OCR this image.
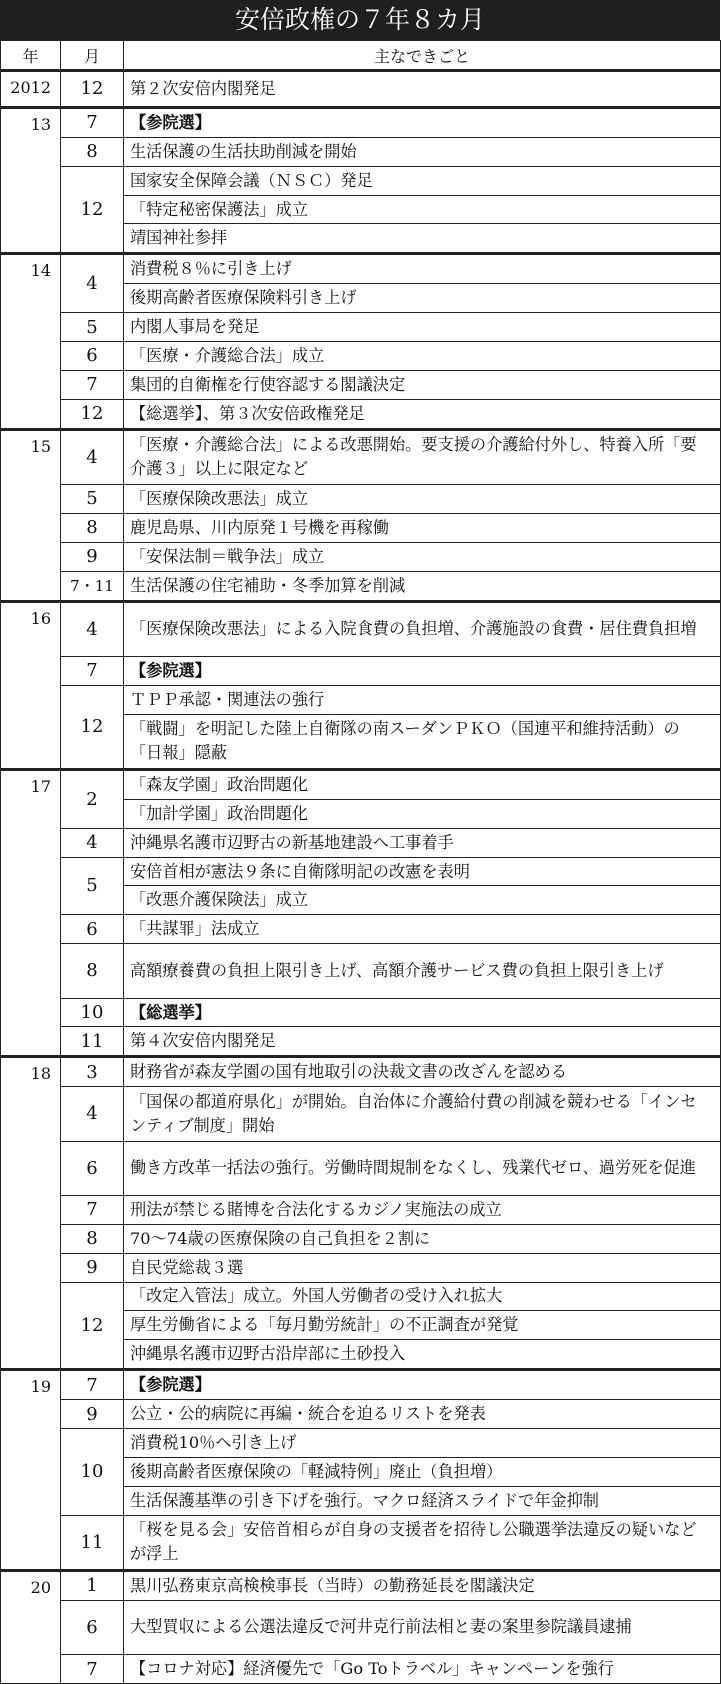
安倍政権の７年８カ月
年	月	主なできごと
2012	12	第２次安倍内閣発足
13	7	【参院選】
	8	生活保護の生活扶助削減を開始
	12	国家安全保障会議（ＮＳＣ）発足
		「特定秘密保護法」成立
		靖国神社参拝
14	4	消費税８％に引き上げ
		後期高齢者医療保険料引き上げ
	5	内閣人事局を発足
	6	「医療・介護総合法」成立
	7	集団的自衛権を行使容認する閣議決定
	12	【総選挙】、第３次安倍政権発足
15	4	「医療・介護総合法」による改悪開始。要支援の介護給付外し、特養入所「要介護３」以上に限定など
	5	「医療保険改悪法」成立
	8	鹿児島県、川内原発１号機を再稼働
	9	「安保法制＝戦争法」成立
	7・11	生活保護の住宅補助・冬季加算を削減
16	4	「医療保険改悪法」による入院食費の負担増、介護施設の食費・居住費負担増
	7	【参院選】
	12	ＴＰＰ承認・関連法の強行
		「戦闘」を明記した陸上自衛隊の南スーダンＰＫＯ（国連平和維持活動）の「日報」隠蔽
17	2	「森友学園」政治問題化
		「加計学園」政治問題化
	4	沖縄県名護市辺野古の新基地建設へ工事着手
	5	安倍首相が憲法９条に自衛隊明記の改憲を表明
		「改悪介護保険法」成立
	6	「共謀罪」法成立
	8	高額療養費の負担上限引き上げ、高額介護サービス費の負担上限引き上げ
	10	【総選挙】
	11	第４次安倍内閣発足
18	3	財務省が森友学園の国有地取引の決裁文書の改ざんを認める
	4	「国保の都道府県化」が開始。自治体に介護給付費の削減を競わせる「インセンティブ制度」開始
	6	働き方改革一括法の強行。労働時間規制をなくし、残業代ゼロ、過労死を促進
	7	刑法が禁じる賭博を合法化するカジノ実施法の成立
	8	70～74歳の医療保険の自己負担を２割に
	9	自民党総裁３選
	12	「改定入管法」成立。外国人労働者の受け入れ拡大
		厚生労働省による「毎月勤労統計」の不正調査が発覚
		沖縄県名護市辺野古沿岸部に土砂投入
19	7	【参院選】
	9	公立・公的病院に再編・統合を迫るリストを発表
	10	消費税10％へ引き上げ
		後期高齢者医療保険の「軽減特例」廃止（負担増）
		生活保護基準の引き下げを強行。マクロ経済スライドで年金抑制
	11	「桜を見る会」安倍首相らが自身の支援者を招待し公職選挙法違反の疑いなどが浮上
20	1	黒川弘務東京高検検事長（当時）の勤務延長を閣議決定
	6	大型買収による公選法違反で河井克行前法相と妻の案里参院議員逮捕
	7	【コロナ対応】経済優先で「Go Toトラベル」キャンペーンを強行
